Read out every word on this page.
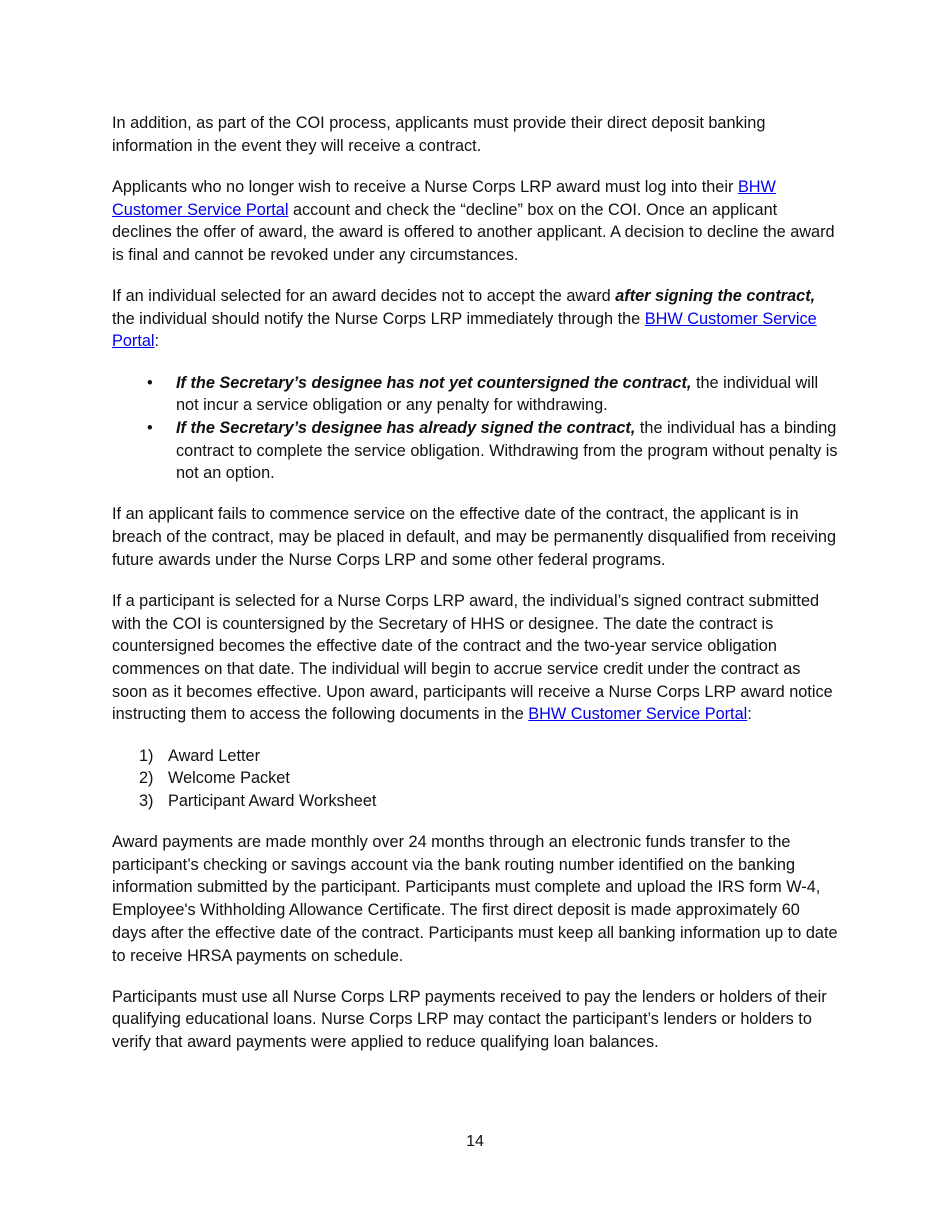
In addition, as part of the COI process, applicants must provide their direct deposit banking information in the event they will receive a contract.

Applicants who no longer wish to receive a Nurse Corps LRP award must log into their BHW Customer Service Portal account and check the “decline” box on the COI. Once an applicant declines the offer of award, the award is offered to another applicant. A decision to decline the award is final and cannot be revoked under any circumstances.

If an individual selected for an award decides not to accept the award after signing the contract, the individual should notify the Nurse Corps LRP immediately through the BHW Customer Service Portal:

• If the Secretary’s designee has not yet countersigned the contract, the individual will not incur a service obligation or any penalty for withdrawing.
• If the Secretary’s designee has already signed the contract, the individual has a binding contract to complete the service obligation. Withdrawing from the program without penalty is not an option.

If an applicant fails to commence service on the effective date of the contract, the applicant is in breach of the contract, may be placed in default, and may be permanently disqualified from receiving future awards under the Nurse Corps LRP and some other federal programs.

If a participant is selected for a Nurse Corps LRP award, the individual’s signed contract submitted with the COI is countersigned by the Secretary of HHS or designee. The date the contract is countersigned becomes the effective date of the contract and the two-year service obligation commences on that date. The individual will begin to accrue service credit under the contract as soon as it becomes effective. Upon award, participants will receive a Nurse Corps LRP award notice instructing them to access the following documents in the BHW Customer Service Portal:

1) Award Letter
2) Welcome Packet
3) Participant Award Worksheet

Award payments are made monthly over 24 months through an electronic funds transfer to the participant’s checking or savings account via the bank routing number identified on the banking information submitted by the participant. Participants must complete and upload the IRS form W-4, Employee's Withholding Allowance Certificate. The first direct deposit is made approximately 60 days after the effective date of the contract. Participants must keep all banking information up to date to receive HRSA payments on schedule.

Participants must use all Nurse Corps LRP payments received to pay the lenders or holders of their qualifying educational loans. Nurse Corps LRP may contact the participant’s lenders or holders to verify that award payments were applied to reduce qualifying loan balances.

14
